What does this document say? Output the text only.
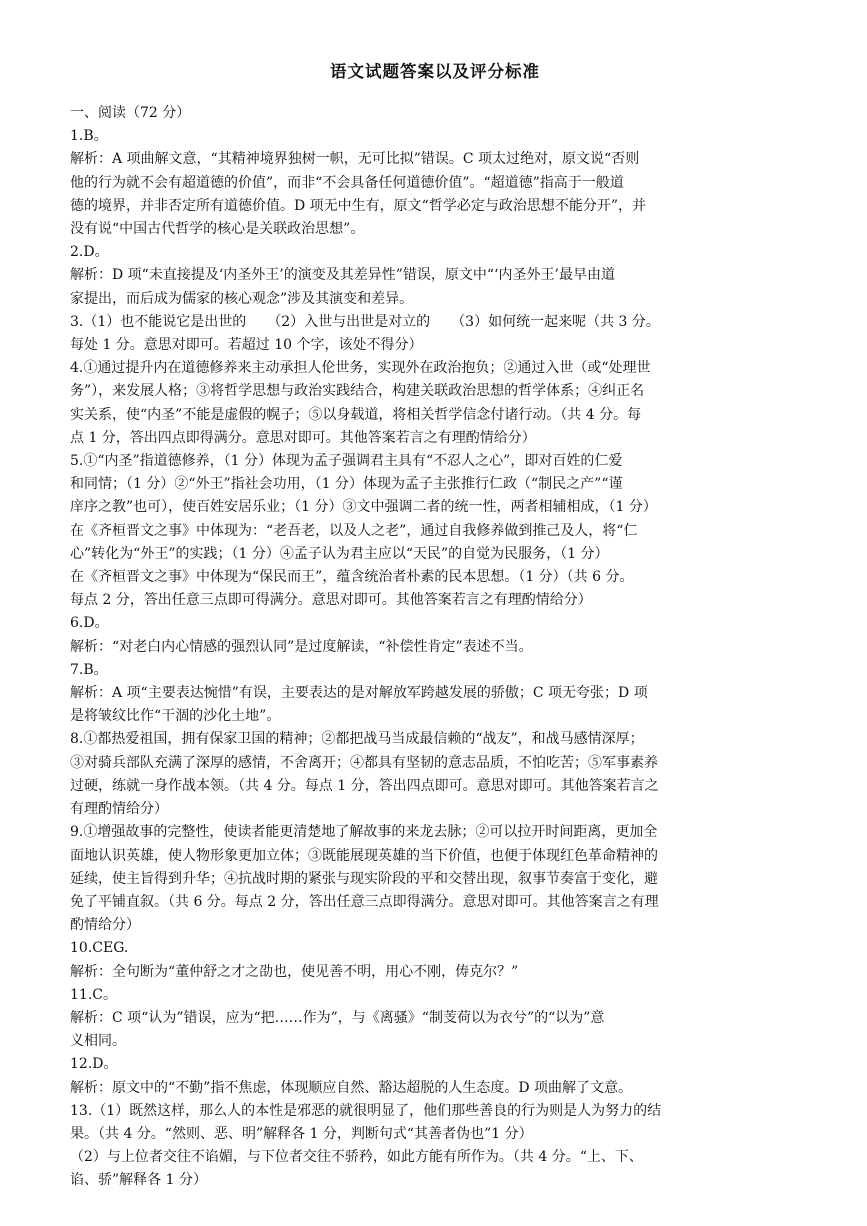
语文试题答案以及评分标准

一、阅读（72 分）

1.B。

解析：A 项曲解文意，“其精神境界独树一帜，无可比拟”错误。C 项太过绝对，原文说“否则

他的行为就不会有超道德的价值”，而非“不会具备任何道德价值”。“超道德”指高于一般道

德的境界，并非否定所有道德价值。D 项无中生有，原文“哲学必定与政治思想不能分开”，并

没有说“中国古代哲学的核心是关联政治思想”。

2.D。

解析：D 项“未直接提及‘内圣外王’的演变及其差异性”错误，原文中“‘内圣外王’最早由道

家提出，而后成为儒家的核心观念”涉及其演变和差异。

3.（1）也不能说它是出世的　　（2）入世与出世是对立的　　（3）如何统一起来呢（共 3 分。

每处 1 分。意思对即可。若超过 10 个字，该处不得分）

4.①通过提升内在道德修养来主动承担人伦世务，实现外在政治抱负；②通过入世（或“处理世

务”），来发展人格；③将哲学思想与政治实践结合，构建关联政治思想的哲学体系；④纠正名

实关系，使“内圣”不能是虚假的幌子；⑤以身载道，将相关哲学信念付诸行动。（共 4 分。每

点 1 分，答出四点即得满分。意思对即可。其他答案若言之有理酌情给分）

5.①“内圣”指道德修养，（1 分）体现为孟子强调君主具有“不忍人之心”，即对百姓的仁爱

和同情；（1 分）②“外王”指社会功用，（1 分）体现为孟子主张推行仁政（“制民之产”“谨

庠序之教”也可），使百姓安居乐业；（1 分）③文中强调二者的统一性，两者相辅相成，（1 分）

在《齐桓晋文之事》中体现为：“老吾老，以及人之老”，通过自我修养做到推己及人，将“仁

心”转化为“外王”的实践；（1 分）④孟子认为君主应以“天民”的自觉为民服务，（1 分）

在《齐桓晋文之事》中体现为“保民而王”，蕴含统治者朴素的民本思想。（1 分）（共 6 分。

每点 2 分，答出任意三点即可得满分。意思对即可。其他答案若言之有理酌情给分）

6.D。

解析：“对老白内心情感的强烈认同”是过度解读，“补偿性肯定”表述不当。

7.B。

解析：A 项“主要表达惋惜”有误，主要表达的是对解放军跨越发展的骄傲；C 项无夸张；D 项

是将皱纹比作“干涸的沙化土地”。

8.①都热爱祖国，拥有保家卫国的精神；②都把战马当成最信赖的“战友”，和战马感情深厚；

③对骑兵部队充满了深厚的感情，不舍离开；④都具有坚韧的意志品质，不怕吃苦；⑤军事素养

过硬，练就一身作战本领。（共 4 分。每点 1 分，答出四点即可。意思对即可。其他答案若言之

有理酌情给分）

9.①增强故事的完整性，使读者能更清楚地了解故事的来龙去脉；②可以拉开时间距离，更加全

面地认识英雄，使人物形象更加立体；③既能展现英雄的当下价值，也便于体现红色革命精神的

延续，使主旨得到升华；④抗战时期的紧张与现实阶段的平和交替出现，叙事节奏富于变化，避

免了平铺直叙。（共 6 分。每点 2 分，答出任意三点即得满分。意思对即可。其他答案言之有理

酌情给分）

10.CEG.

解析：全句断为“董仲舒之才之劭也，使见善不明，用心不刚，俦克尔？”

11.C。

解析：C 项“认为”错误，应为“把……作为”，与《离骚》“制芰荷以为衣兮”的“以为”意

义相同。

12.D。

解析：原文中的“不勤”指不焦虑，体现顺应自然、豁达超脱的人生态度。D 项曲解了文意。

13.（1）既然这样，那么人的本性是邪恶的就很明显了，他们那些善良的行为则是人为努力的结

果。（共 4 分。“然则、恶、明”解释各 1 分，判断句式“其善者伪也”1 分）

（2）与上位者交往不谄媚，与下位者交往不骄矜，如此方能有所作为。（共 4 分。“上、下、

谄、骄”解释各 1 分）
